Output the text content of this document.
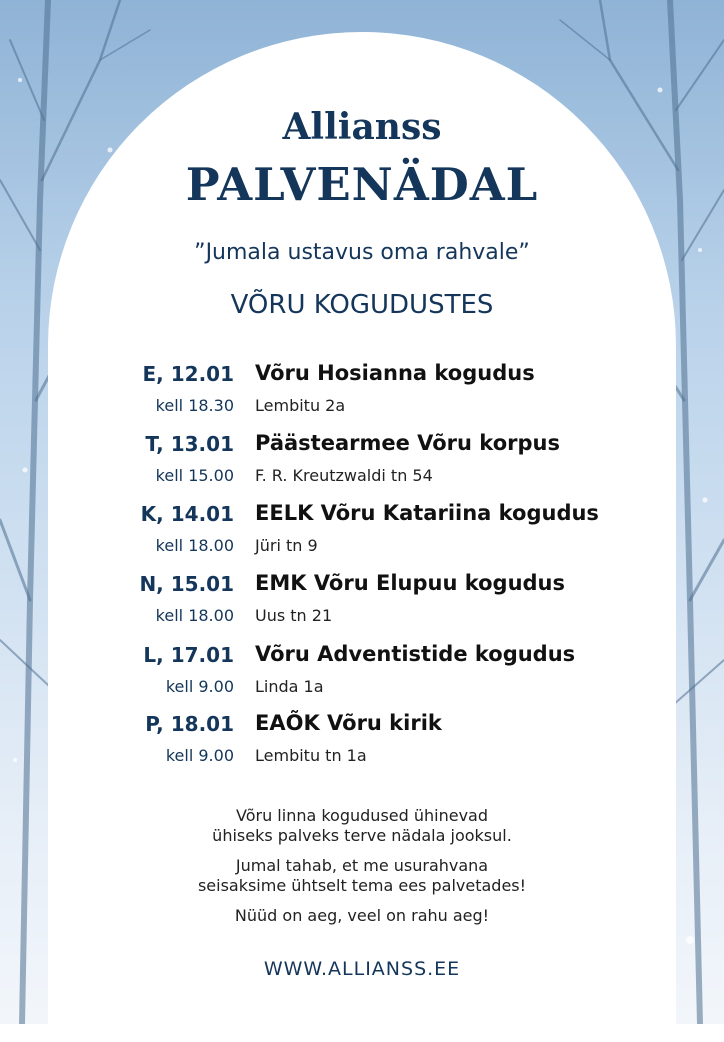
Allianss
PALVENÄDAL
”Jumala ustavus oma rahvale”
VÕRU KOGUDUSTES
E, 12.01 Võru Hosianna kogudus
kell 18.30 Lembitu 2a
T, 13.01 Päästearmee Võru korpus
kell 15.00 F. R. Kreutzwaldi tn 54
K, 14.01 EELK Võru Katariina kogudus
kell 18.00 Jüri tn 9
N, 15.01 EMK Võru Elupuu kogudus
kell 18.00 Uus tn 21
L, 17.01 Võru Adventistide kogudus
kell 9.00 Linda 1a
P, 18.01 EAÕK Võru kirik
kell 9.00 Lembitu tn 1a
Võru linna kogudused ühinevad
ühiseks palveks terve nädala jooksul.
Jumal tahab, et me usurahvana
seisaksime ühtselt tema ees palvetades!
Nüüd on aeg, veel on rahu aeg!
WWW.ALLIANSS.EE
